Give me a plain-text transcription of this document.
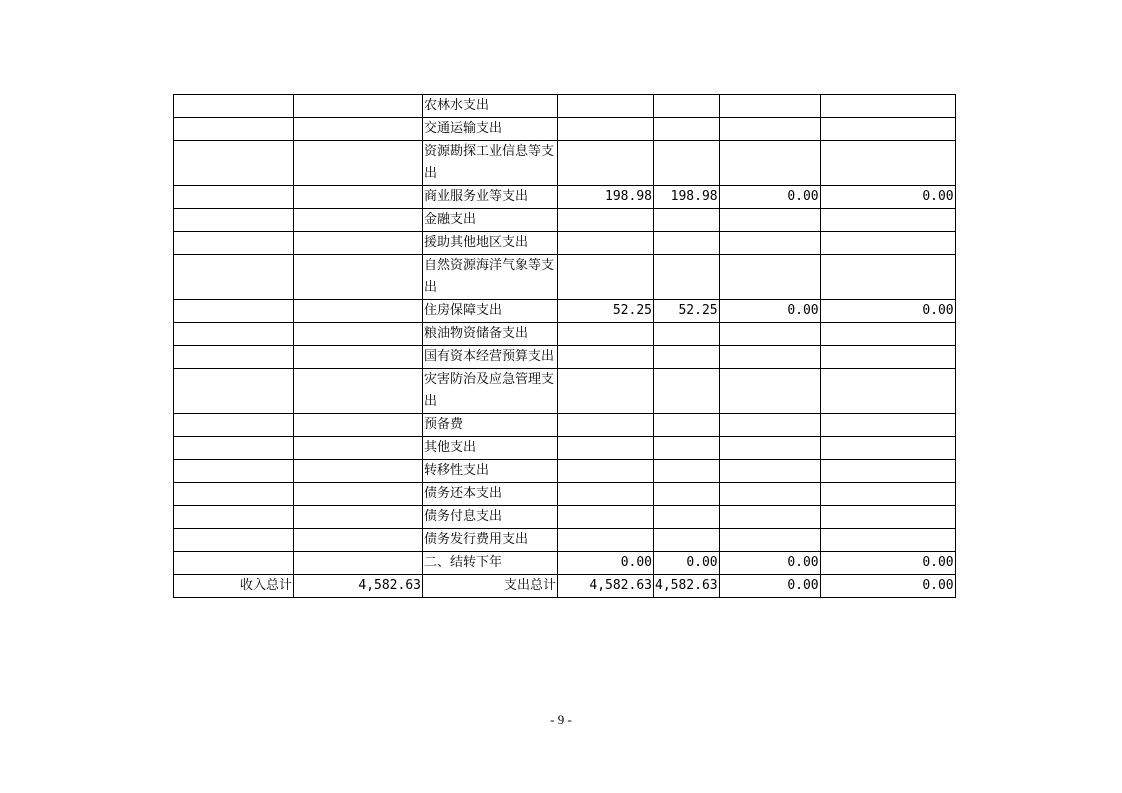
		农林水支出				
		交通运输支出				
		资源勘探工业信息等支出				
		商业服务业等支出	198.98	198.98	0.00	0.00
		金融支出				
		援助其他地区支出				
		自然资源海洋气象等支出				
		住房保障支出	52.25	52.25	0.00	0.00
		粮油物资储备支出				
		国有资本经营预算支出				
		灾害防治及应急管理支出				
		预备费				
		其他支出				
		转移性支出				
		债务还本支出				
		债务付息支出				
		债务发行费用支出				
		二、结转下年	0.00	0.00	0.00	0.00
收入总计	4,582.63	支出总计	4,582.63	4,582.63	0.00	0.00
- 9 -
